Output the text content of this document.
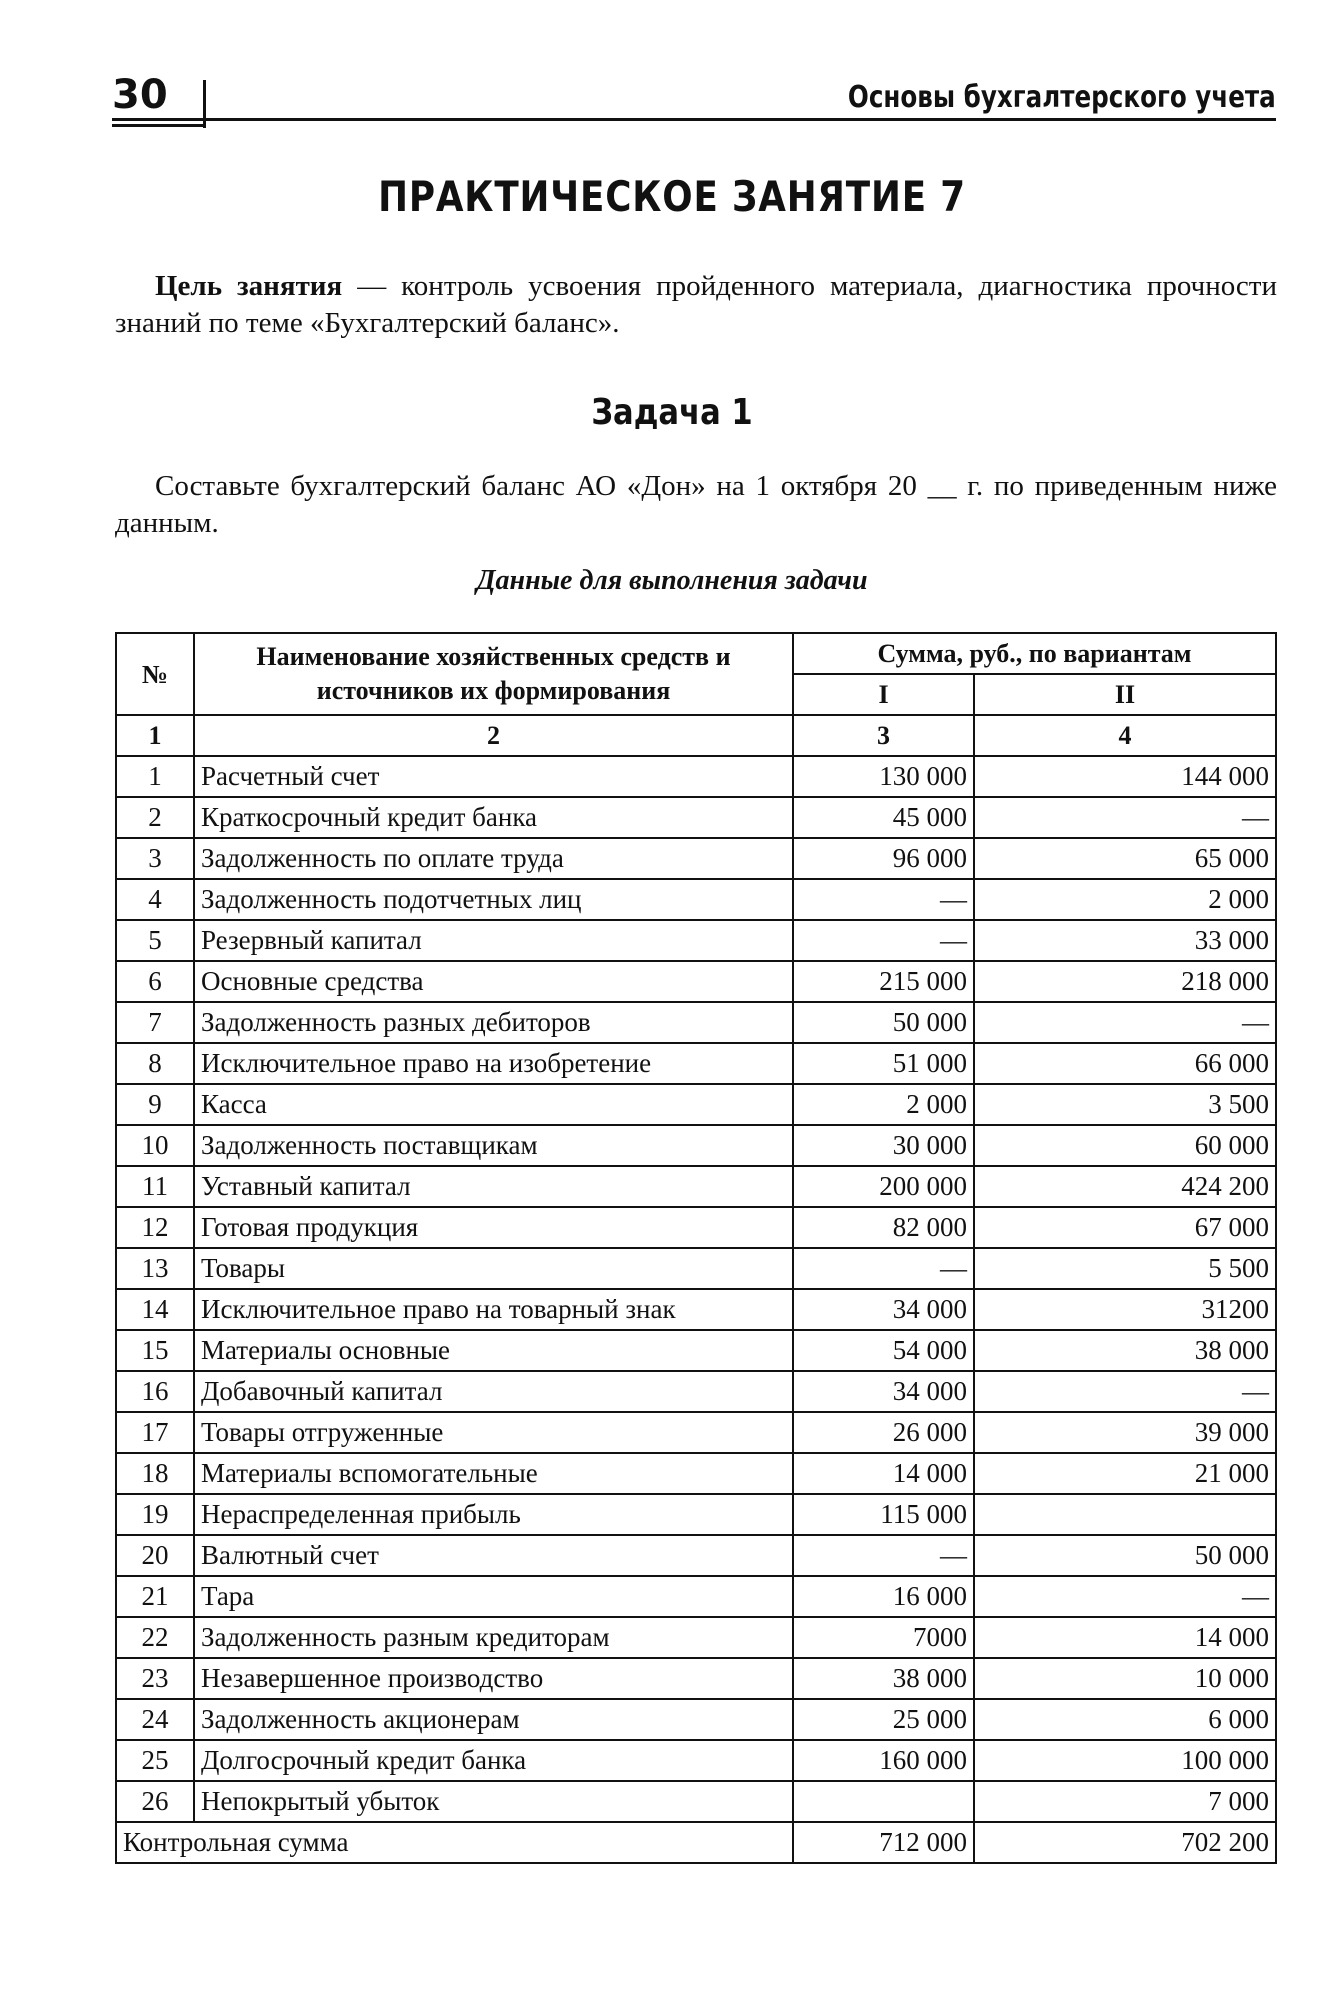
30	Основы бухгалтерского учета
ПРАКТИЧЕСКОЕ ЗАНЯТИЕ 7
Цель занятия — контроль усвоения пройденного материала, диагностика прочности знаний по теме «Бухгалтерский баланс».
Задача 1
Составьте бухгалтерский баланс АО «Дон» на 1 октября 20 __ г. по приведенным ниже данным.
Данные для выполнения задачи
№	Наименование хозяйственных средств и источников их формирования	Сумма, руб., по вариантам	
		I	II
1	2	3	4
1	Расчетный счет	130 000	144 000
2	Краткосрочный кредит банка	45 000	—
3	Задолженность по оплате труда	96 000	65 000
4	Задолженность подотчетных лиц	—	2 000
5	Резервный капитал	—	33 000
6	Основные средства	215 000	218 000
7	Задолженность разных дебиторов	50 000	—
8	Исключительное право на изобретение	51 000	66 000
9	Касса	2 000	3 500
10	Задолженность поставщикам	30 000	60 000
11	Уставный капитал	200 000	424 200
12	Готовая продукция	82 000	67 000
13	Товары	—	5 500
14	Исключительное право на товарный знак	34 000	31200
15	Материалы основные	54 000	38 000
16	Добавочный капитал	34 000	—
17	Товары отгруженные	26 000	39 000
18	Материалы вспомогательные	14 000	21 000
19	Нераспределенная прибыль	115 000	
20	Валютный счет	—	50 000
21	Тара	16 000	—
22	Задолженность разным кредиторам	7000	14 000
23	Незавершенное производство	38 000	10 000
24	Задолженность акционерам	25 000	6 000
25	Долгосрочный кредит банка	160 000	100 000
26	Непокрытый убыток		7 000
Контрольная сумма		712 000	702 200
